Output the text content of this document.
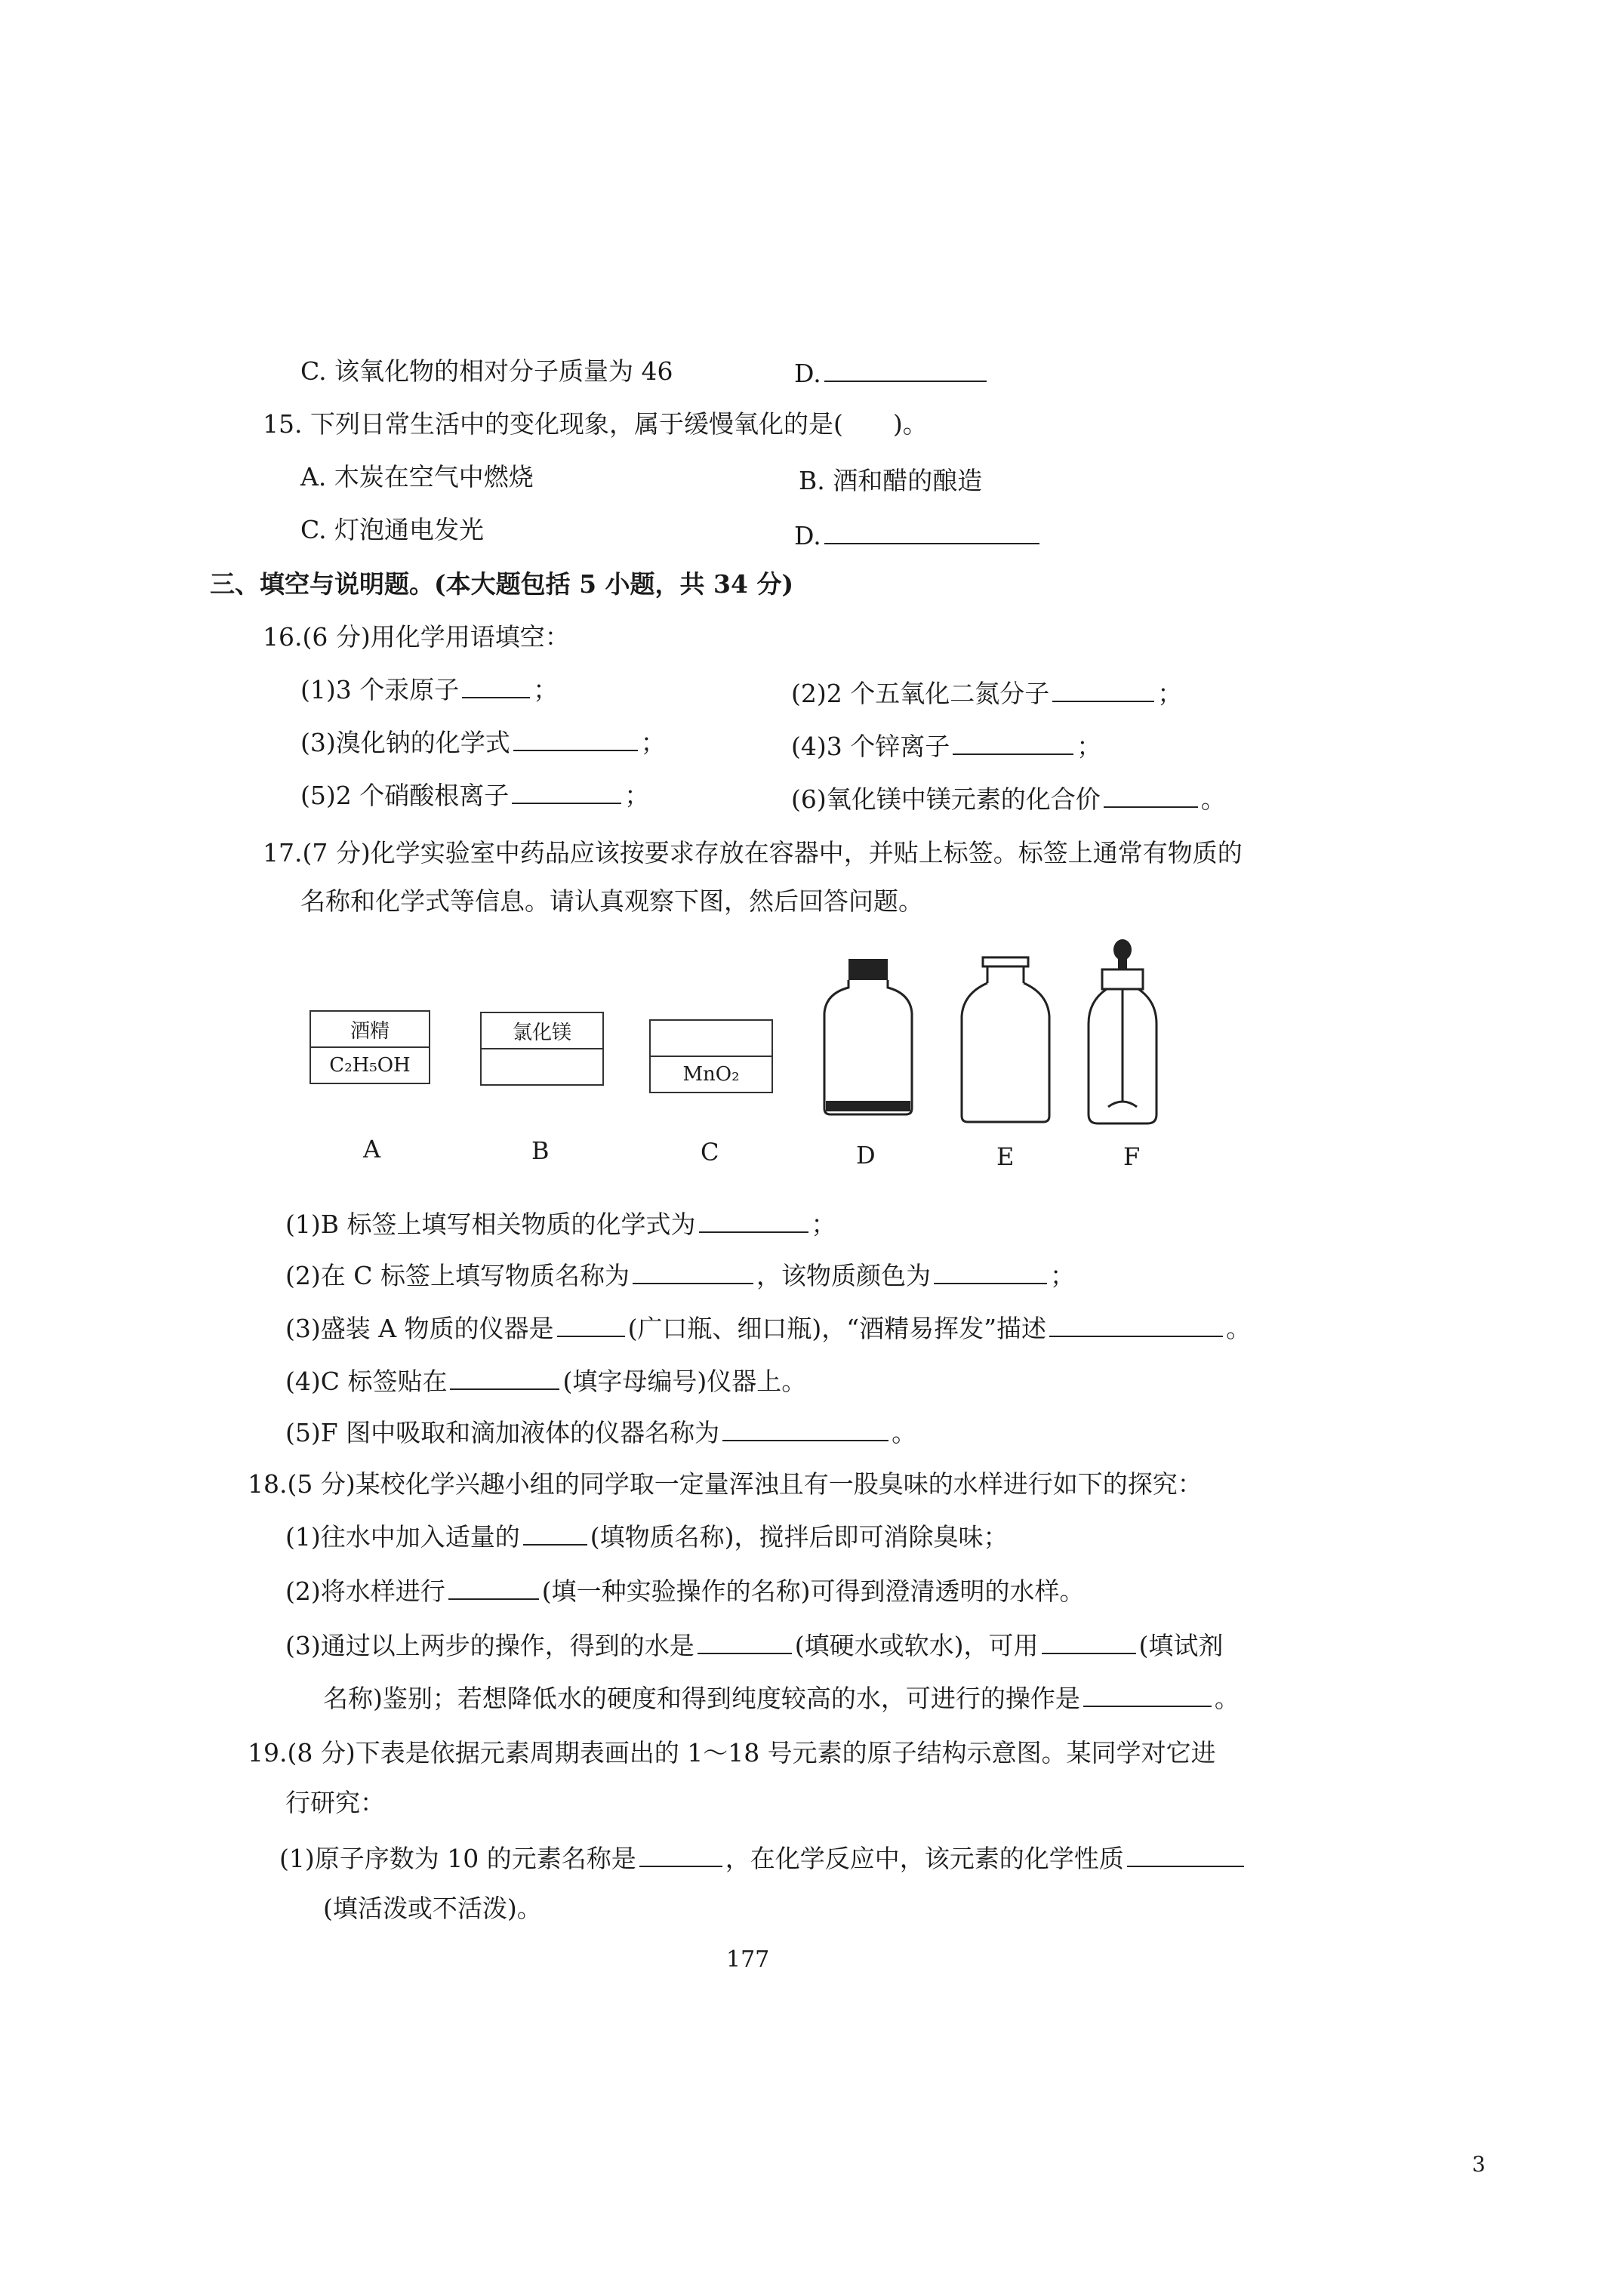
C. 该氧化物的相对分子质量为 46	D.
15. 下列日常生活中的变化现象，属于缓慢氧化的是(　　)。
A. 木炭在空气中燃烧	B. 酒和醋的酿造
C. 灯泡通电发光	D.
三、填空与说明题。(本大题包括 5 小题，共 34 分)
16.(6 分)用化学用语填空：
(1)3 个汞原子	；	(2)2 个五氧化二氮分子	；
(3)溴化钠的化学式	；	(4)3 个锌离子	；
(5)2 个硝酸根离子	；	(6)氧化镁中镁元素的化合价	。
17.(7 分)化学实验室中药品应该按要求存放在容器中，并贴上标签。标签上通常有物质的
名称和化学式等信息。请认真观察下图，然后回答问题。
酒精
C₂H₅OH
氯化镁
MnO₂
A	B	C	D	E	F
(1)B 标签上填写相关物质的化学式为	；
(2)在 C 标签上填写物质名称为	，该物质颜色为	；
(3)盛装 A 物质的仪器是	(广口瓶、细口瓶)，“酒精易挥发”描述	。
(4)C 标签贴在	(填字母编号)仪器上。
(5)F 图中吸取和滴加液体的仪器名称为	。
18.(5 分)某校化学兴趣小组的同学取一定量浑浊且有一股臭味的水样进行如下的探究：
(1)往水中加入适量的	(填物质名称)，搅拌后即可消除臭味；
(2)将水样进行	(填一种实验操作的名称)可得到澄清透明的水样。
(3)通过以上两步的操作，得到的水是	(填硬水或软水)，可用	(填试剂
名称)鉴别；若想降低水的硬度和得到纯度较高的水，可进行的操作是	。
19.(8 分)下表是依据元素周期表画出的 1～18 号元素的原子结构示意图。某同学对它进
行研究：
(1)原子序数为 10 的元素名称是	，在化学反应中，该元素的化学性质
(填活泼或不活泼)。
177
3
